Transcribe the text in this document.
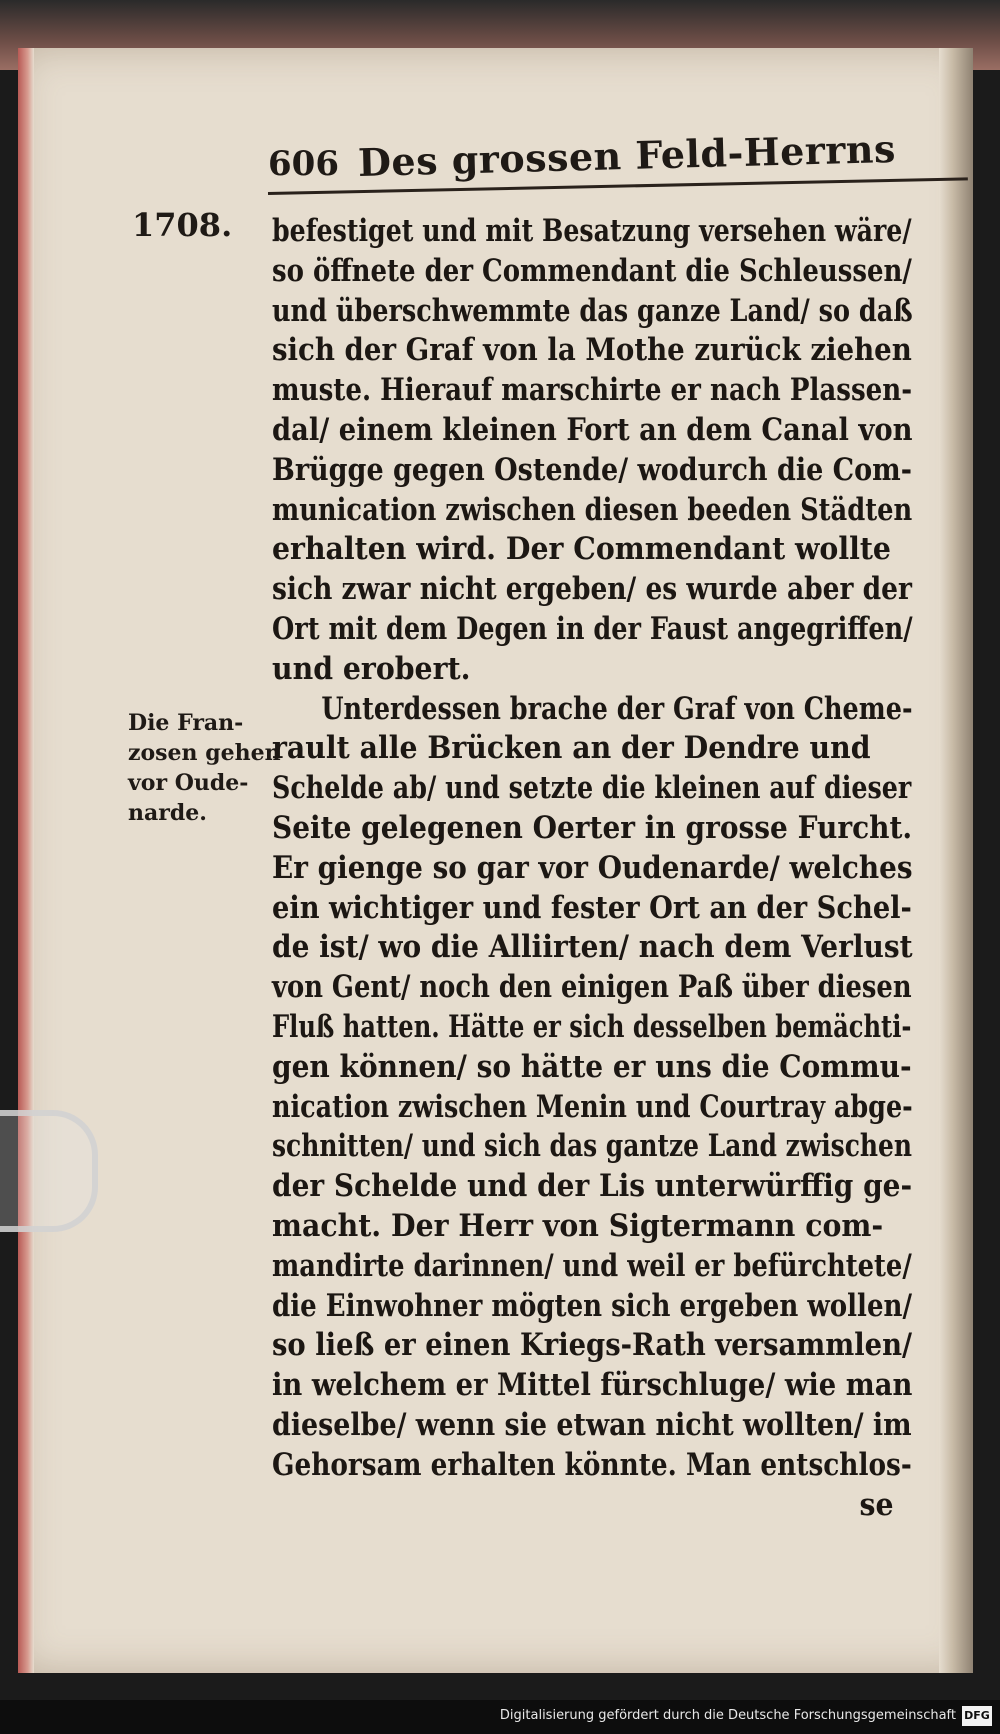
606 Des grossen Feld-Herrns
1708.
Die Fran-
zosen gehen
vor Oude-
narde.
befestiget und mit Besatzung versehen wäre/
so öffnete der Commendant die Schleussen/
und überschwemmte das ganze Land/ so daß
sich der Graf von la Mothe zurück ziehen
muste. Hierauf marschirte er nach Plassen-
dal/ einem kleinen Fort an dem Canal von
Brügge gegen Ostende/ wodurch die Com-
munication zwischen diesen beeden Städten
erhalten wird. Der Commendant wollte
sich zwar nicht ergeben/ es wurde aber der
Ort mit dem Degen in der Faust angegriffen/
und erobert.
Unterdessen brache der Graf von Cheme-
rault alle Brücken an der Dendre und
Schelde ab/ und setzte die kleinen auf dieser
Seite gelegenen Oerter in grosse Furcht.
Er gienge so gar vor Oudenarde/ welches
ein wichtiger und fester Ort an der Schel-
de ist/ wo die Alliirten/ nach dem Verlust
von Gent/ noch den einigen Paß über diesen
Fluß hatten. Hätte er sich desselben bemächti-
gen können/ so hätte er uns die Commu-
nication zwischen Menin und Courtray abge-
schnitten/ und sich das gantze Land zwischen
der Schelde und der Lis unterwürffig ge-
macht. Der Herr von Sigtermann com-
mandirte darinnen/ und weil er befürchtete/
die Einwohner mögten sich ergeben wollen/
so ließ er einen Kriegs-Rath versammlen/
in welchem er Mittel fürschluge/ wie man
dieselbe/ wenn sie etwan nicht wollten/ im
Gehorsam erhalten könnte. Man entschlos-
se
Digitalisierung gefördert durch die Deutsche Forschungsgemeinschaft DFG
